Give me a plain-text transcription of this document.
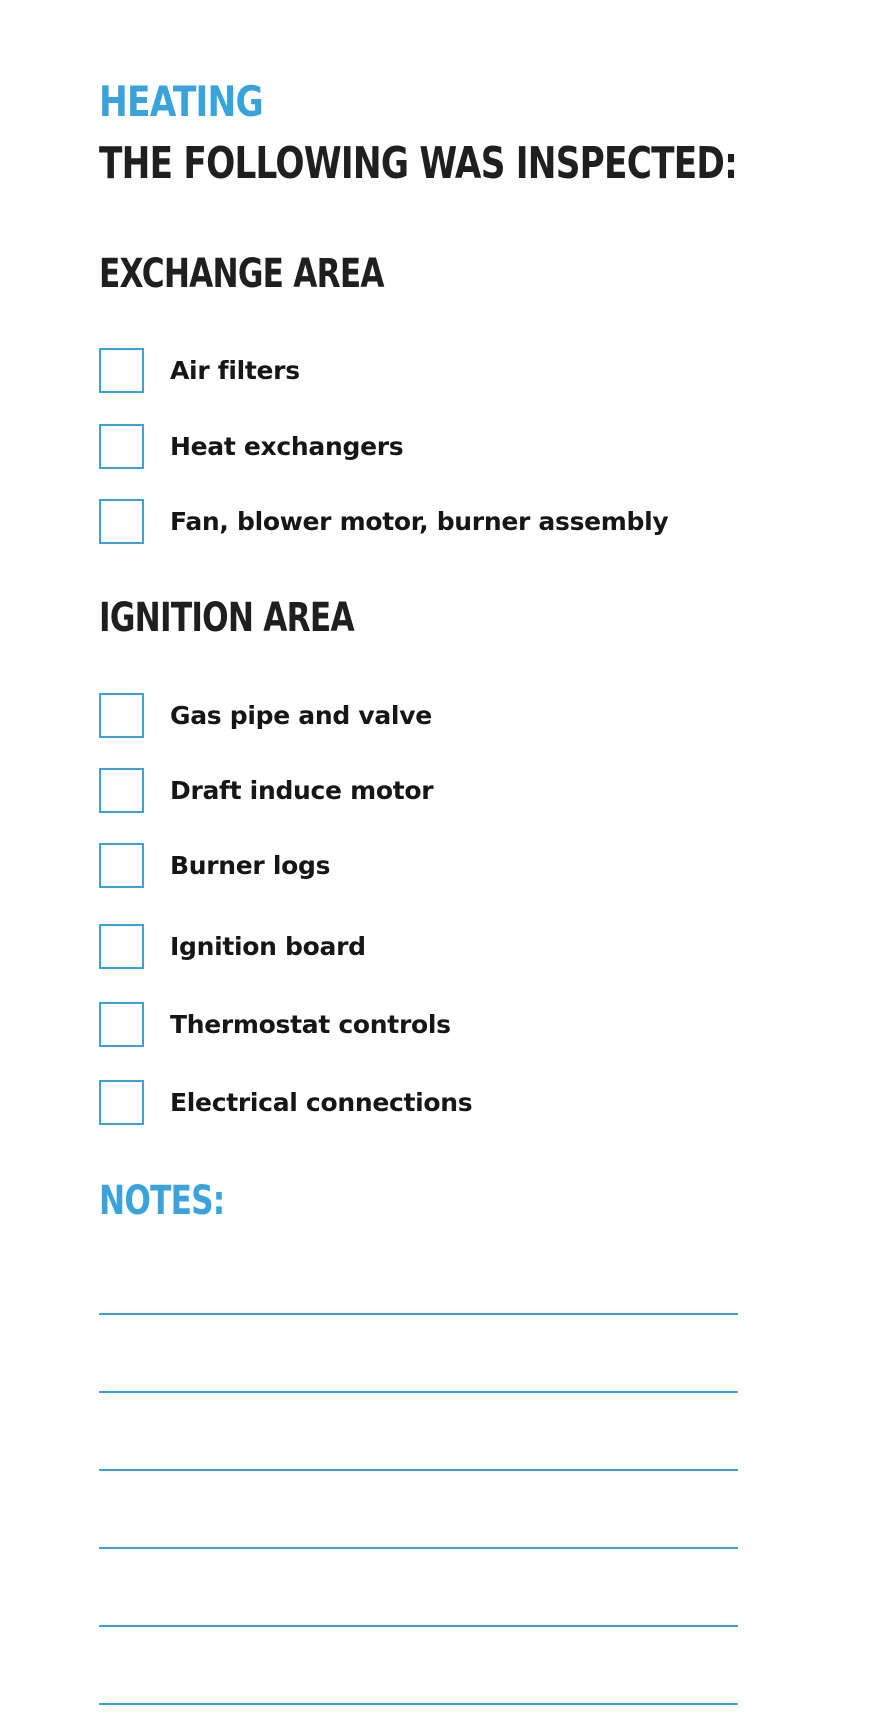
HEATING
THE FOLLOWING WAS INSPECTED:
EXCHANGE AREA
Air filters
Heat exchangers
Fan, blower motor, burner assembly
IGNITION AREA
Gas pipe and valve
Draft induce motor
Burner logs
Ignition board
Thermostat controls
Electrical connections
NOTES:
